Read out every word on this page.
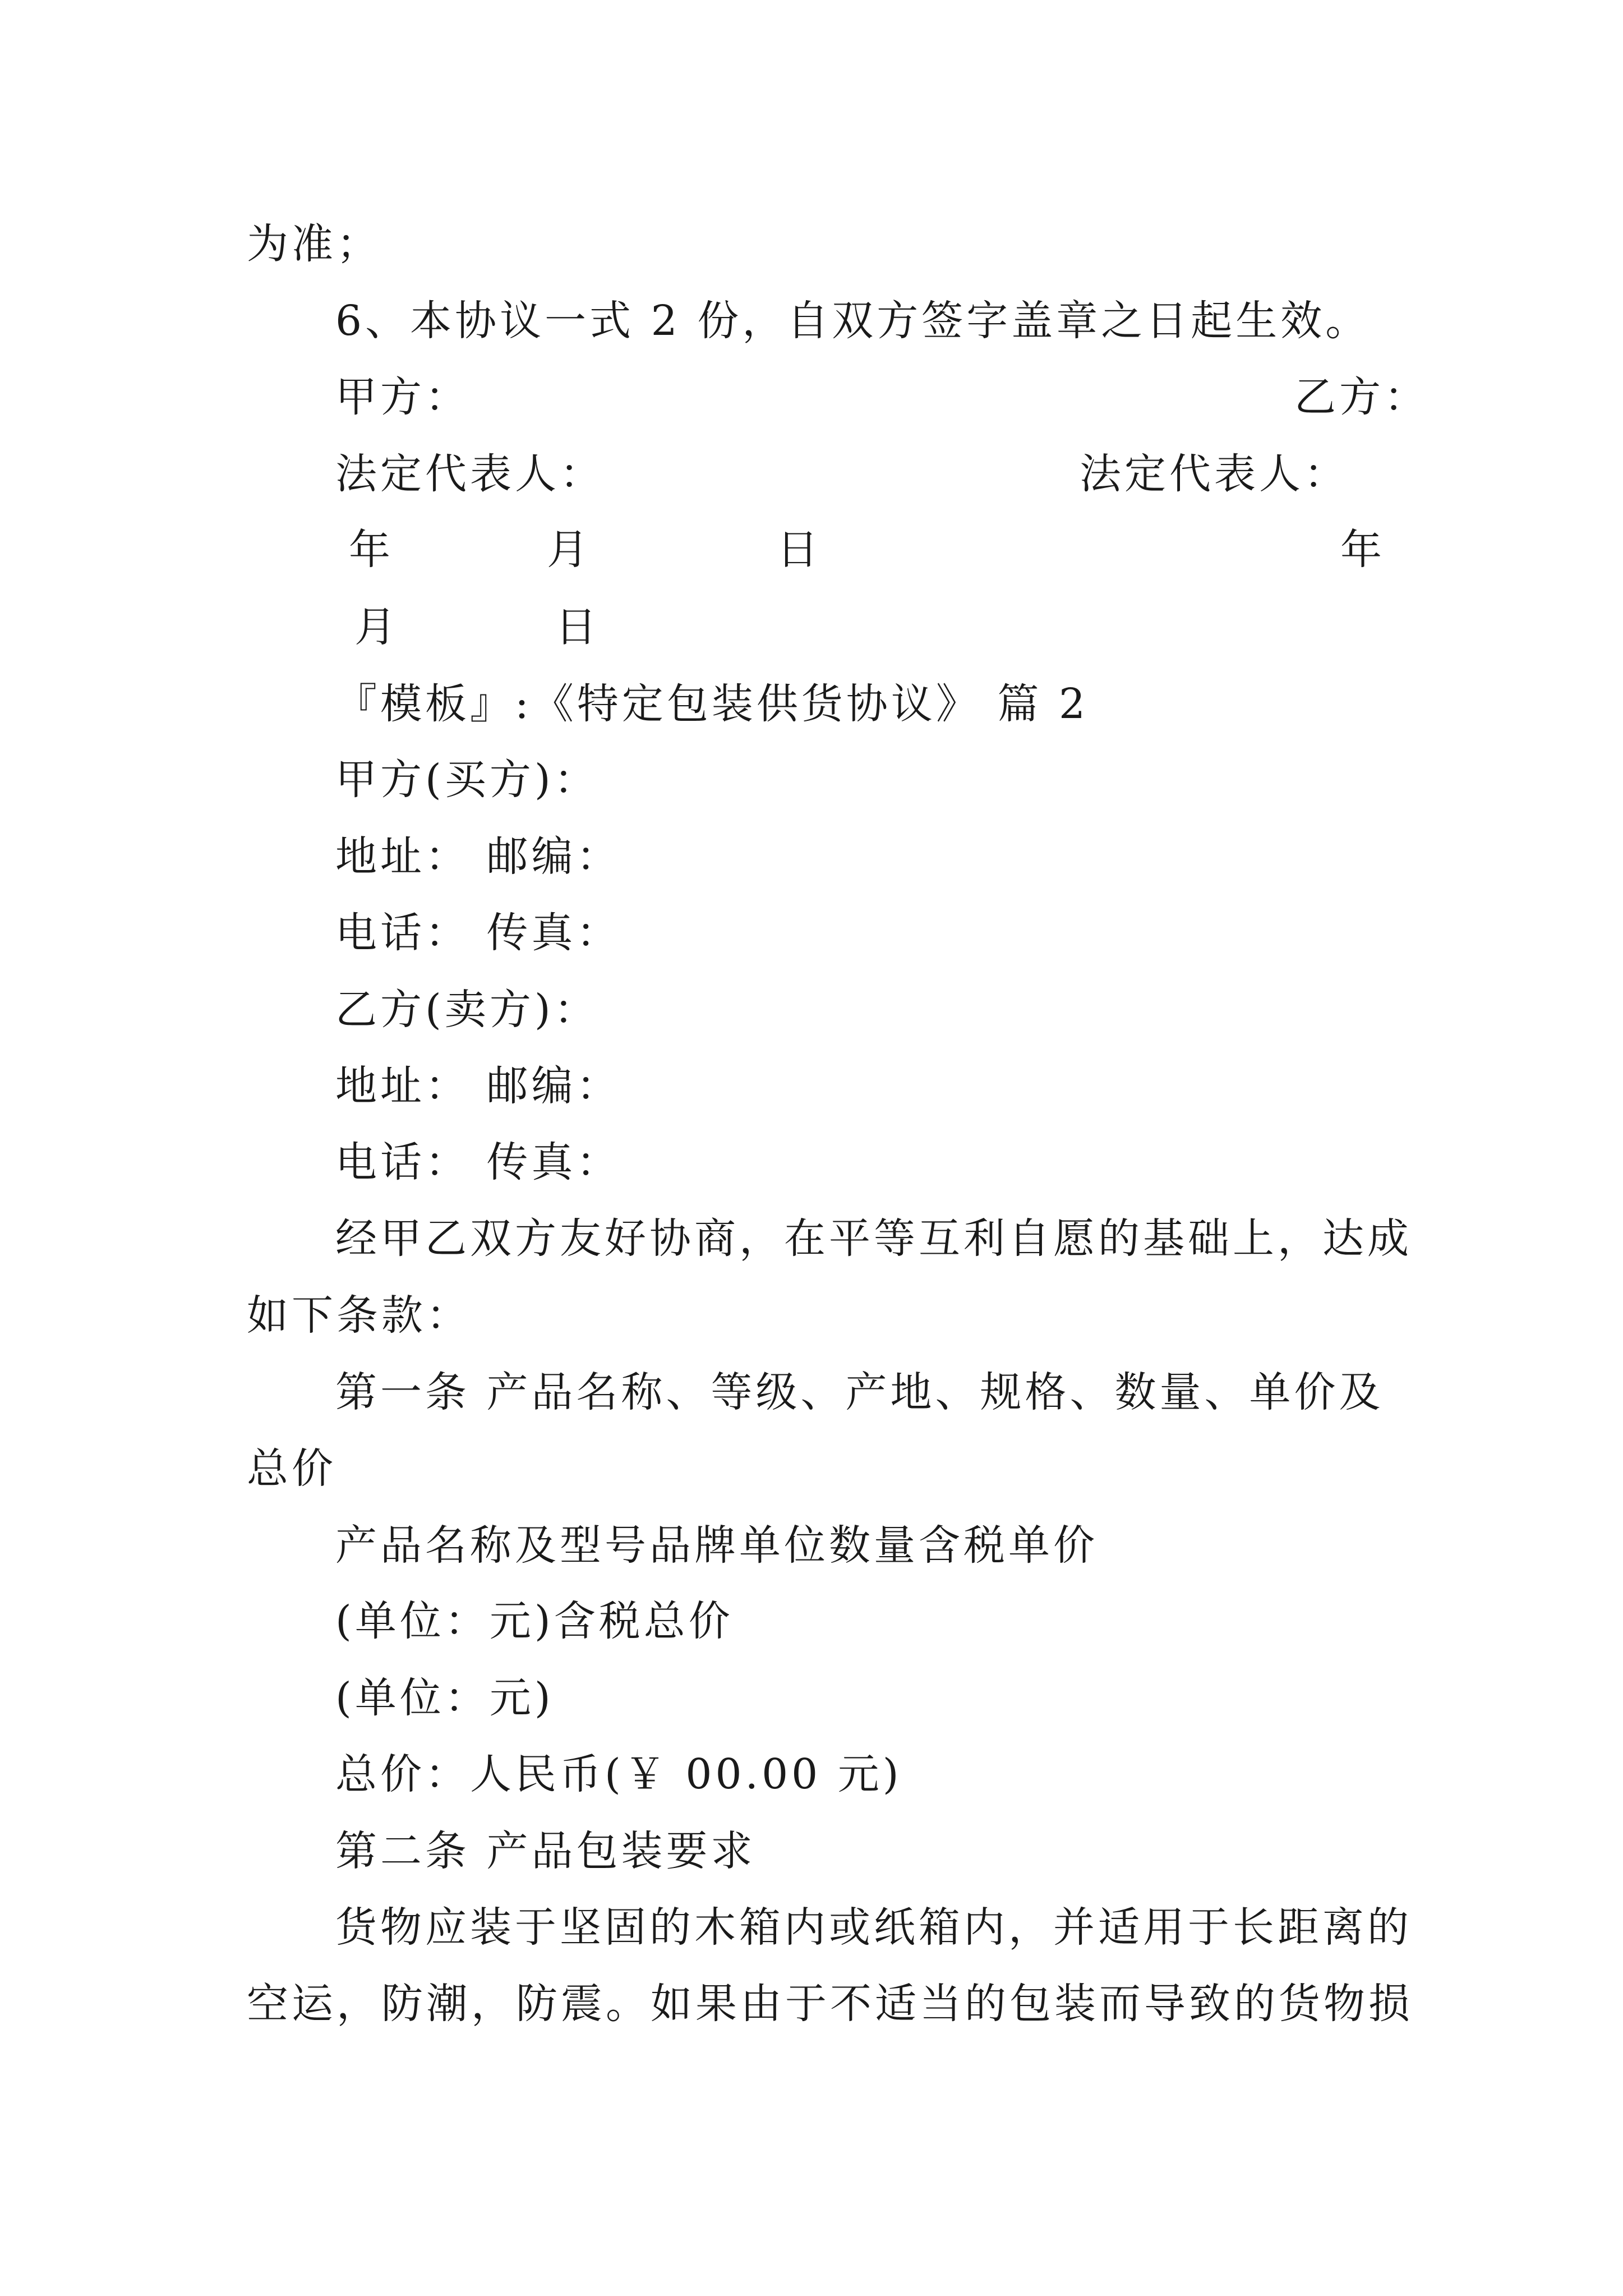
为准；
6、本协议一式 2 份，自双方签字盖章之日起生效。
甲方：	乙方：
法定代表人：	法定代表人：
年	月	日	年
月	日
『模板』:《特定包装供货协议》 篇 2
甲方(买方)：
地址： 邮编：
电话： 传真：
乙方(卖方)：
地址： 邮编：
电话： 传真：
经甲乙双方友好协商，在平等互利自愿的基础上，达成
如下条款：
第一条 产品名称、等级、产地、规格、数量、单价及
总价
产品名称及型号品牌单位数量含税单价
(单位：元)含税总价
(单位：元)
总价：人民币(￥ 00.00 元)
第二条 产品包装要求
货物应装于坚固的木箱内或纸箱内，并适用于长距离的
空运，防潮，防震。如果由于不适当的包装而导致的货物损
